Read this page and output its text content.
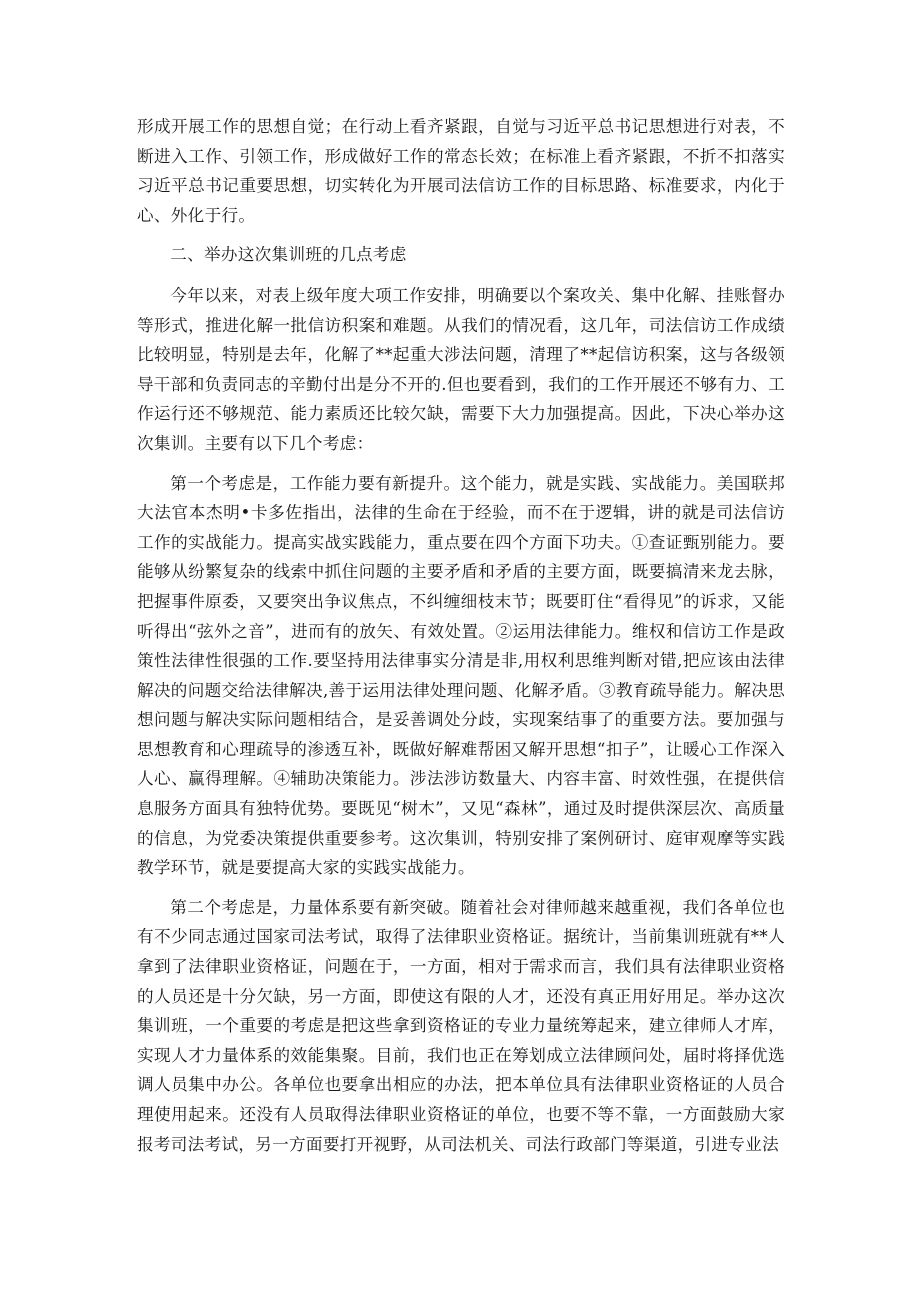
形成开展工作的思想自觉；在行动上看齐紧跟，自觉与习近平总书记思想进行对表，不断进入工作、引领工作，形成做好工作的常态长效；在标准上看齐紧跟，不折不扣落实习近平总书记重要思想，切实转化为开展司法信访工作的目标思路、标准要求，内化于心、外化于行。

二、举办这次集训班的几点考虑

今年以来，对表上级年度大项工作安排，明确要以个案攻关、集中化解、挂账督办等形式，推进化解一批信访积案和难题。从我们的情况看，这几年，司法信访工作成绩比较明显，特别是去年，化解了**起重大涉法问题，清理了**起信访积案，这与各级领导干部和负责同志的辛勤付出是分不开的.但也要看到，我们的工作开展还不够有力、工作运行还不够规范、能力素质还比较欠缺，需要下大力加强提高。因此，下决心举办这次集训。主要有以下几个考虑：

第一个考虑是，工作能力要有新提升。这个能力，就是实践、实战能力。美国联邦大法官本杰明•卡多佐指出，法律的生命在于经验，而不在于逻辑，讲的就是司法信访工作的实战能力。提高实战实践能力，重点要在四个方面下功夫。①查证甄别能力。要能够从纷繁复杂的线索中抓住问题的主要矛盾和矛盾的主要方面，既要搞清来龙去脉，把握事件原委，又要突出争议焦点，不纠缠细枝末节；既要盯住“看得见”的诉求，又能听得出“弦外之音”，进而有的放矢、有效处置。②运用法律能力。维权和信访工作是政策性法律性很强的工作.要坚持用法律事实分清是非,用权利思维判断对错,把应该由法律解决的问题交给法律解决,善于运用法律处理问题、化解矛盾。③教育疏导能力。解决思想问题与解决实际问题相结合，是妥善调处分歧，实现案结事了的重要方法。要加强与思想教育和心理疏导的渗透互补，既做好解难帮困又解开思想“扣子”，让暖心工作深入人心、赢得理解。④辅助决策能力。涉法涉访数量大、内容丰富、时效性强，在提供信息服务方面具有独特优势。要既见“树木”，又见“森林”，通过及时提供深层次、高质量的信息，为党委决策提供重要参考。这次集训，特别安排了案例研讨、庭审观摩等实践教学环节，就是要提高大家的实践实战能力。

第二个考虑是，力量体系要有新突破。随着社会对律师越来越重视，我们各单位也有不少同志通过国家司法考试，取得了法律职业资格证。据统计，当前集训班就有**人拿到了法律职业资格证，问题在于，一方面，相对于需求而言，我们具有法律职业资格的人员还是十分欠缺，另一方面，即使这有限的人才，还没有真正用好用足。举办这次集训班，一个重要的考虑是把这些拿到资格证的专业力量统筹起来，建立律师人才库，实现人才力量体系的效能集聚。目前，我们也正在筹划成立法律顾问处，届时将择优选调人员集中办公。各单位也要拿出相应的办法，把本单位具有法律职业资格证的人员合理使用起来。还没有人员取得法律职业资格证的单位，也要不等不靠，一方面鼓励大家报考司法考试，另一方面要打开视野，从司法机关、司法行政部门等渠道，引进专业法
